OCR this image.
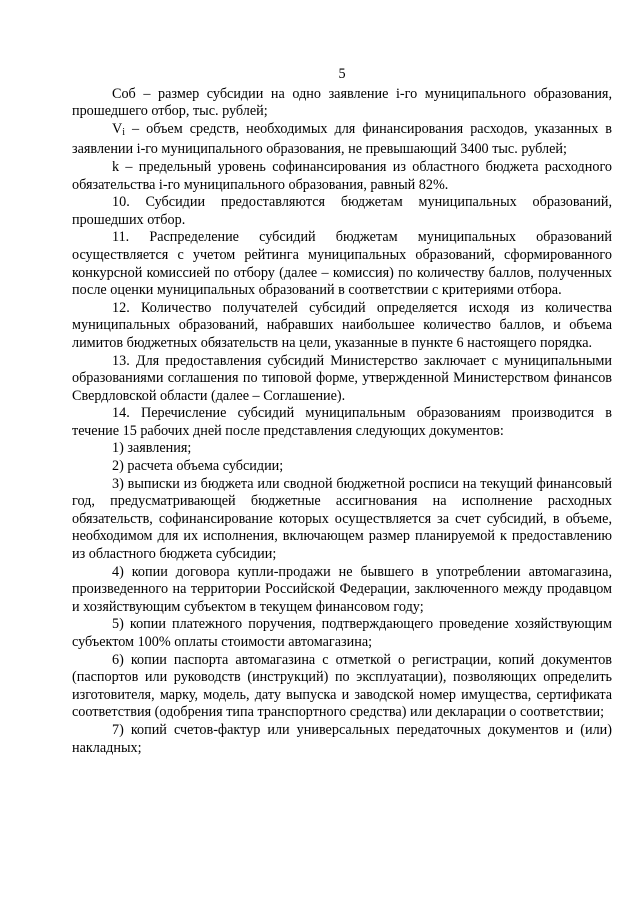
5

Соб – размер субсидии на одно заявление i-го муниципального образования, прошедшего отбор, тыс. рублей;

$V_i$ – объем средств, необходимых для финансирования расходов, указанных в заявлении i-го муниципального образования, не превышающий 3400 тыс. рублей;

k – предельный уровень софинансирования из областного бюджета расходного обязательства i-го муниципального образования, равный 82%.

10. Субсидии предоставляются бюджетам муниципальных образований, прошедших отбор.

11. Распределение субсидий бюджетам муниципальных образований осуществляется с учетом рейтинга муниципальных образований, сформированного конкурсной комиссией по отбору (далее – комиссия) по количеству баллов, полученных после оценки муниципальных образований в соответствии с критериями отбора.

12. Количество получателей субсидий определяется исходя из количества муниципальных образований, набравших наибольшее количество баллов, и объема лимитов бюджетных обязательств на цели, указанные в пункте 6 настоящего порядка.

13. Для предоставления субсидий Министерство заключает с муниципальными образованиями соглашения по типовой форме, утвержденной Министерством финансов Свердловской области (далее – Соглашение).

14. Перечисление субсидий муниципальным образованиям производится в течение 15 рабочих дней после представления следующих документов:

1) заявления;

2) расчета объема субсидии;

3) выписки из бюджета или сводной бюджетной росписи на текущий финансовый год, предусматривающей бюджетные ассигнования на исполнение расходных обязательств, софинансирование которых осуществляется за счет субсидий, в объеме, необходимом для их исполнения, включающем размер планируемой к предоставлению из областного бюджета субсидии;

4) копии договора купли-продажи не бывшего в употреблении автомагазина, произведенного на территории Российской Федерации, заключенного между продавцом и хозяйствующим субъектом в текущем финансовом году;

5) копии платежного поручения, подтверждающего проведение хозяйствующим субъектом 100% оплаты стоимости автомагазина;

6) копии паспорта автомагазина с отметкой о регистрации, копий документов (паспортов или руководств (инструкций) по эксплуатации), позволяющих определить изготовителя, марку, модель, дату выпуска и заводской номер имущества, сертификата соответствия (одобрения типа транспортного средства) или декларации о соответствии;

7) копий счетов-фактур или универсальных передаточных документов и (или) накладных;
